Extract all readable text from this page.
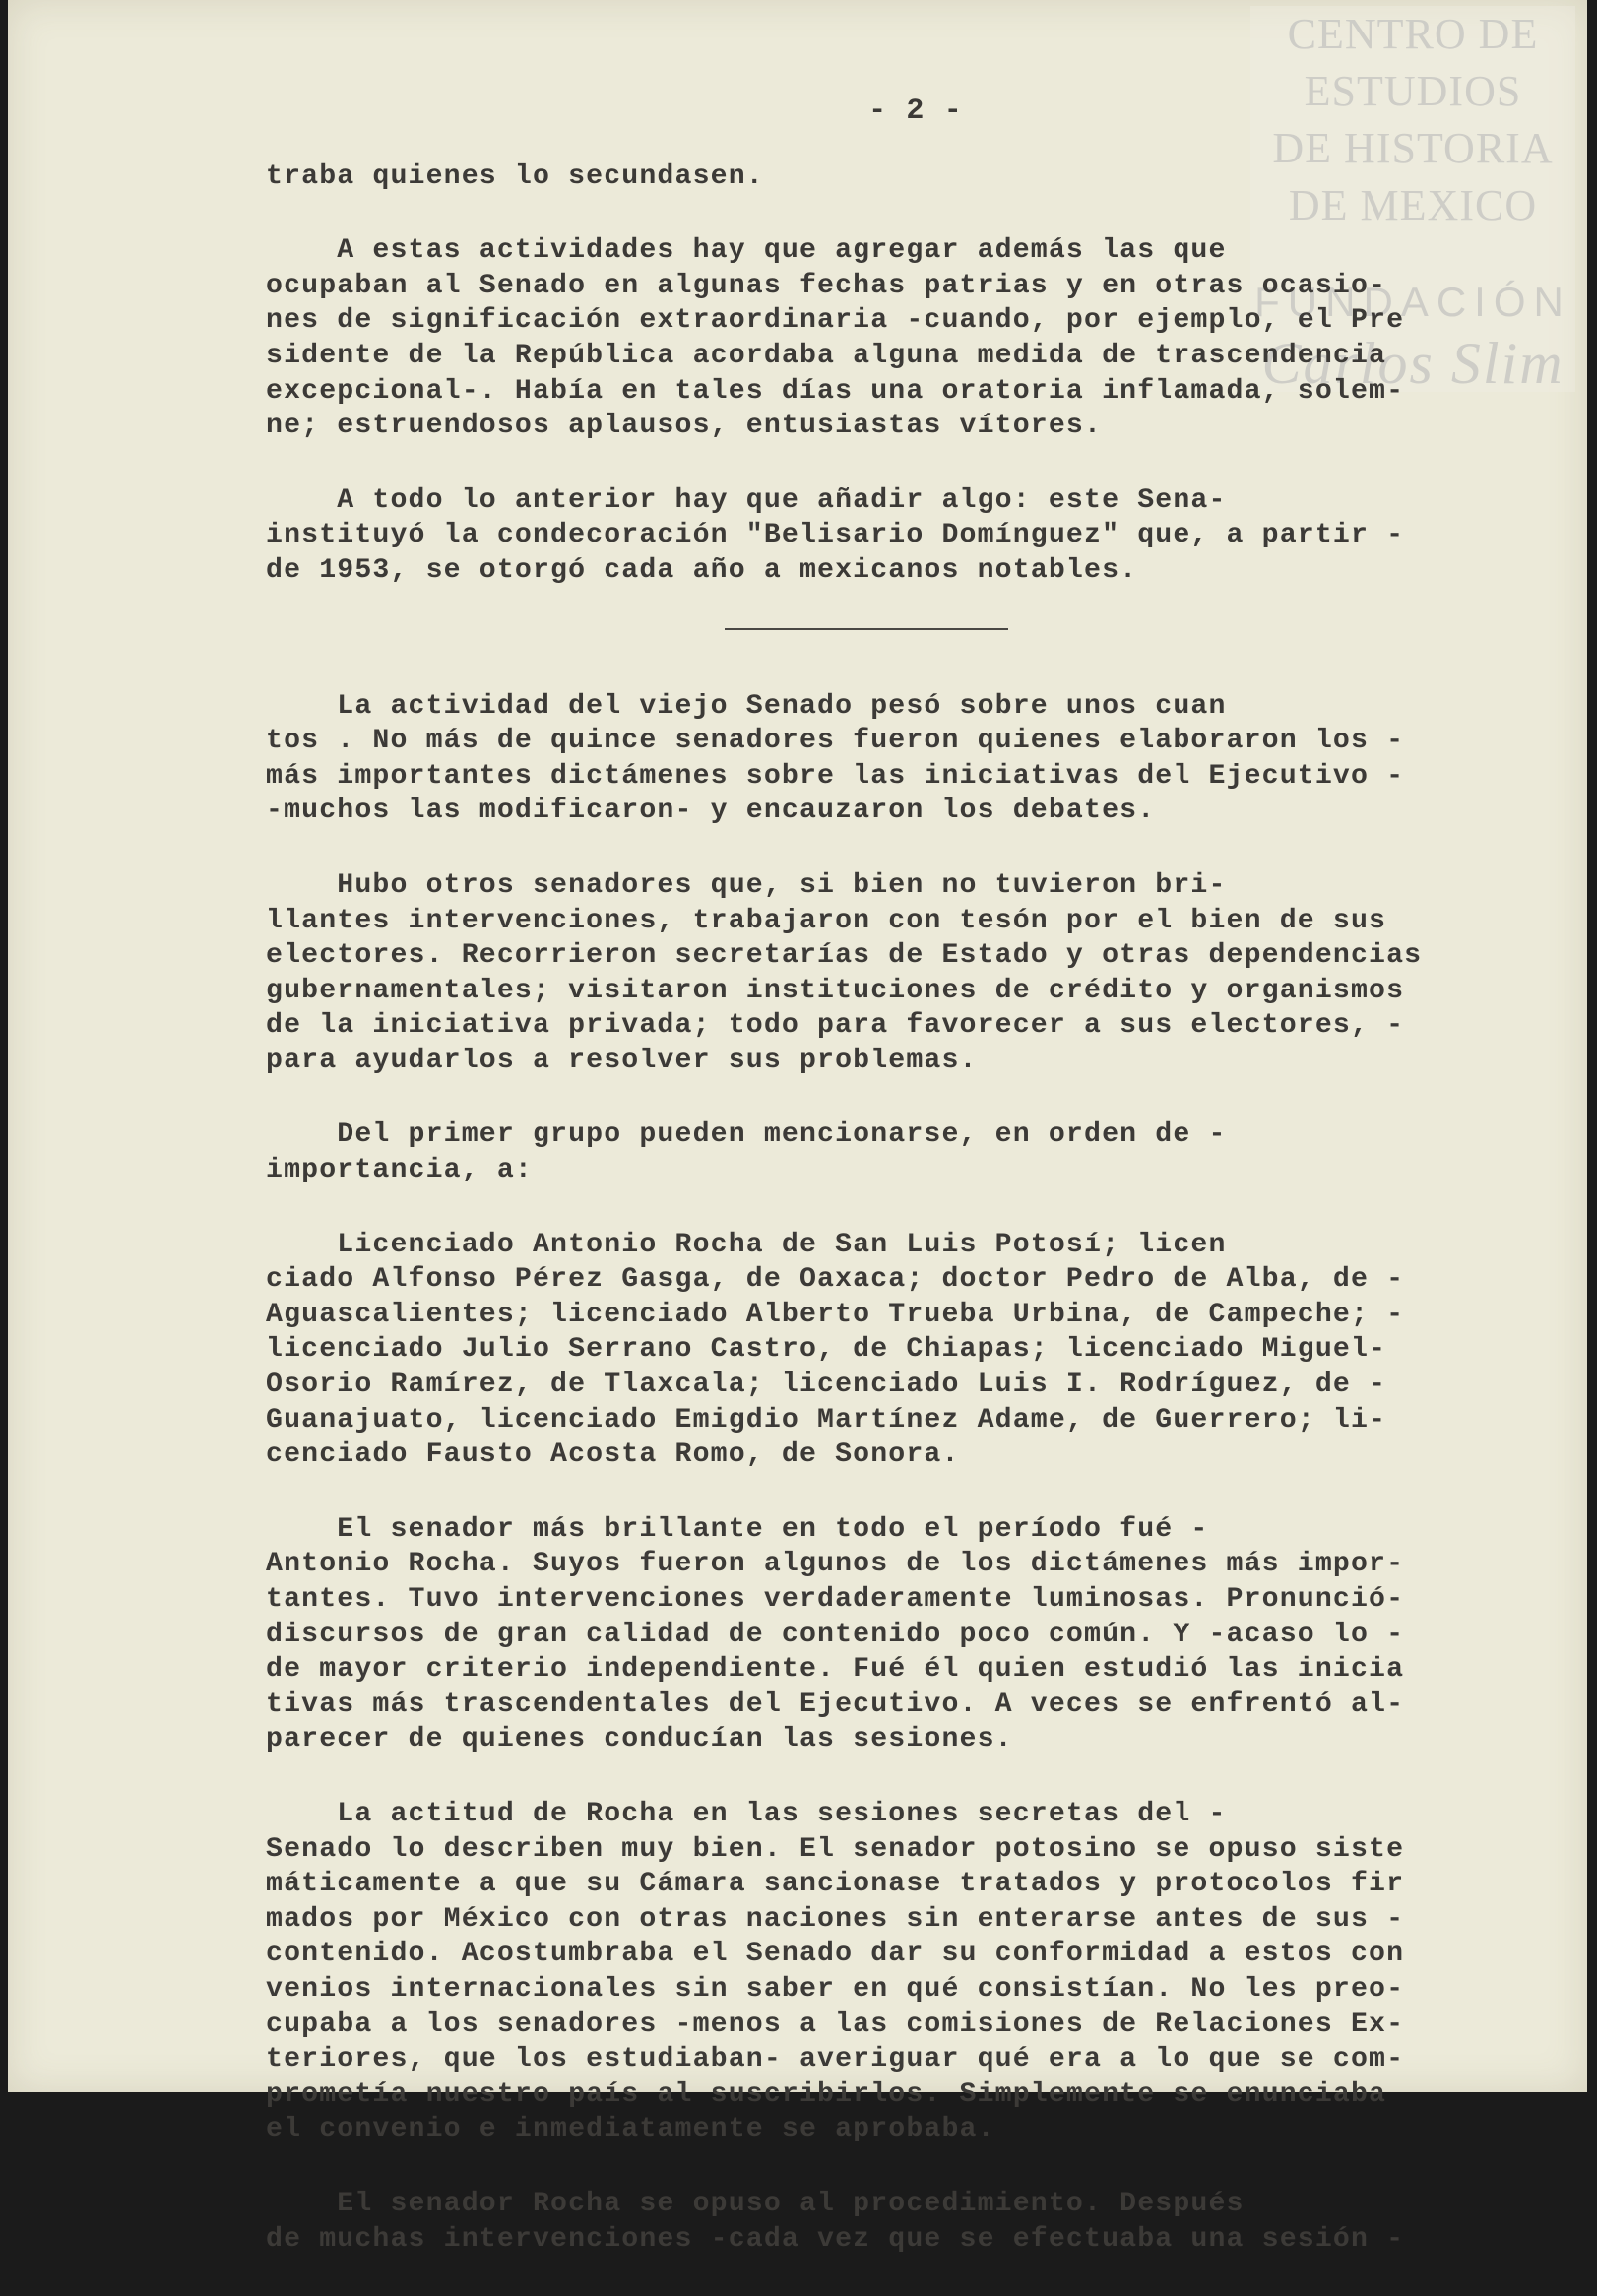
CENTRO DE
ESTUDIOS
DE HISTORIA
DE MEXICO
FUNDACIÓN
Carlos Slim
- 2 -
traba quienes lo secundasen.
A estas actividades hay que agregar además las que
ocupaban al Senado en algunas fechas patrias y en otras ocasio-
nes de significación extraordinaria -cuando, por ejemplo, el Pre
sidente de la República acordaba alguna medida de trascendencia
excepcional-. Había en tales días una oratoria inflamada, solem-
ne; estruendosos aplausos, entusiastas vítores.
A todo lo anterior hay que añadir algo: este Sena-
instituyó la condecoración "Belisario Domínguez" que, a partir -
de 1953, se otorgó cada año a mexicanos notables.
La actividad del viejo Senado pesó sobre unos cuan
tos . No más de quince senadores fueron quienes elaboraron los -
más importantes dictámenes sobre las iniciativas del Ejecutivo -
-muchos las modificaron- y encauzaron los debates.
Hubo otros senadores que, si bien no tuvieron bri-
llantes intervenciones, trabajaron con tesón por el bien de sus
electores. Recorrieron secretarías de Estado y otras dependencias
gubernamentales; visitaron instituciones de crédito y organismos
de la iniciativa privada; todo para favorecer a sus electores, -
para ayudarlos a resolver sus problemas.
Del primer grupo pueden mencionarse, en orden de -
importancia, a:
Licenciado Antonio Rocha de San Luis Potosí; licen
ciado Alfonso Pérez Gasga, de Oaxaca; doctor Pedro de Alba, de -
Aguascalientes; licenciado Alberto Trueba Urbina, de Campeche; -
licenciado Julio Serrano Castro, de Chiapas; licenciado Miguel-
Osorio Ramírez, de Tlaxcala; licenciado Luis I. Rodríguez, de -
Guanajuato, licenciado Emigdio Martínez Adame, de Guerrero; li-
cenciado Fausto Acosta Romo, de Sonora.
El senador más brillante en todo el período fué -
Antonio Rocha. Suyos fueron algunos de los dictámenes más impor-
tantes. Tuvo intervenciones verdaderamente luminosas. Pronunció-
discursos de gran calidad de contenido poco común. Y -acaso lo -
de mayor criterio independiente. Fué él quien estudió las inicia
tivas más trascendentales del Ejecutivo. A veces se enfrentó al-
parecer de quienes conducían las sesiones.
La actitud de Rocha en las sesiones secretas del -
Senado lo describen muy bien. El senador potosino se opuso siste
máticamente a que su Cámara sancionase tratados y protocolos fir
mados por México con otras naciones sin enterarse antes de sus -
contenido. Acostumbraba el Senado dar su conformidad a estos con
venios internacionales sin saber en qué consistían. No les preo-
cupaba a los senadores -menos a las comisiones de Relaciones Ex-
teriores, que los estudiaban- averiguar qué era a lo que se com-
prometía nuestro país al suscribirlos. Simplemente se enunciaba
el convenio e inmediatamente se aprobaba.
El senador Rocha se opuso al procedimiento. Después
de muchas intervenciones -cada vez que se efectuaba una sesión -
